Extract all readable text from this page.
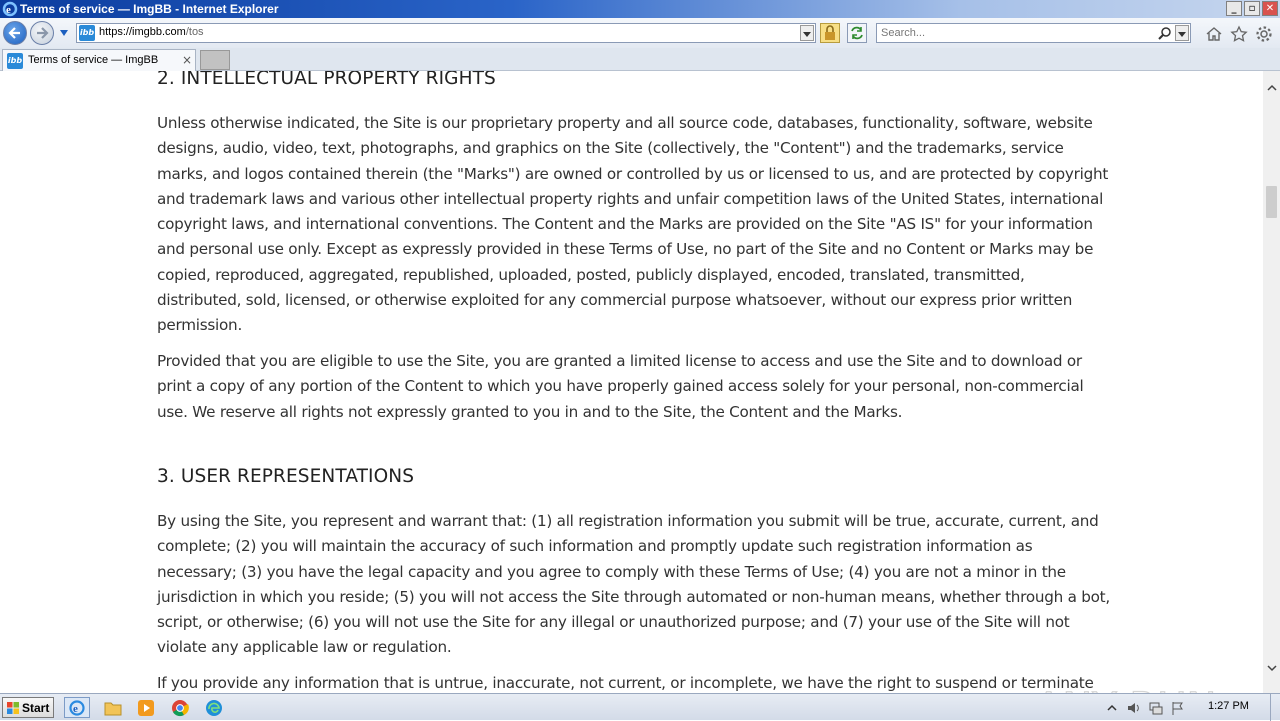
e Terms of service — ImgBB - Internet Explorer	_	▫	✕
ibb https://imgbb.com/tos
Search...
ibb Terms of service — ImgBB ×
2. INTELLECTUAL PROPERTY RIGHTS

Unless otherwise indicated, the Site is our proprietary property and all source code, databases, functionality, software, website designs, audio, video, text, photographs, and graphics on the Site (collectively, the "Content") and the trademarks, service marks, and logos contained therein (the "Marks") are owned or controlled by us or licensed to us, and are protected by copyright and trademark laws and various other intellectual property rights and unfair competition laws of the United States, international copyright laws, and international conventions. The Content and the Marks are provided on the Site "AS IS" for your information and personal use only. Except as expressly provided in these Terms of Use, no part of the Site and no Content or Marks may be copied, reproduced, aggregated, republished, uploaded, posted, publicly displayed, encoded, translated, transmitted, distributed, sold, licensed, or otherwise exploited for any commercial purpose whatsoever, without our express prior written permission.

Provided that you are eligible to use the Site, you are granted a limited license to access and use the Site and to download or print a copy of any portion of the Content to which you have properly gained access solely for your personal, non-commercial use. We reserve all rights not expressly granted to you in and to the Site, the Content and the Marks.

3. USER REPRESENTATIONS

By using the Site, you represent and warrant that: (1) all registration information you submit will be true, accurate, current, and complete; (2) you will maintain the accuracy of such information and promptly update such registration information as necessary; (3) you have the legal capacity and you agree to comply with these Terms of Use; (4) you are not a minor in the jurisdiction in which you reside; (5) you will not access the Site through automated or non-human means, whether through a bot, script, or otherwise; (6) you will not use the Site for any illegal or unauthorized purpose; and (7) your use of the Site will not violate any applicable law or regulation.

If you provide any information that is untrue, inaccurate, not current, or incomplete, we have the right to suspend or terminate

Start e	1:27 PM
